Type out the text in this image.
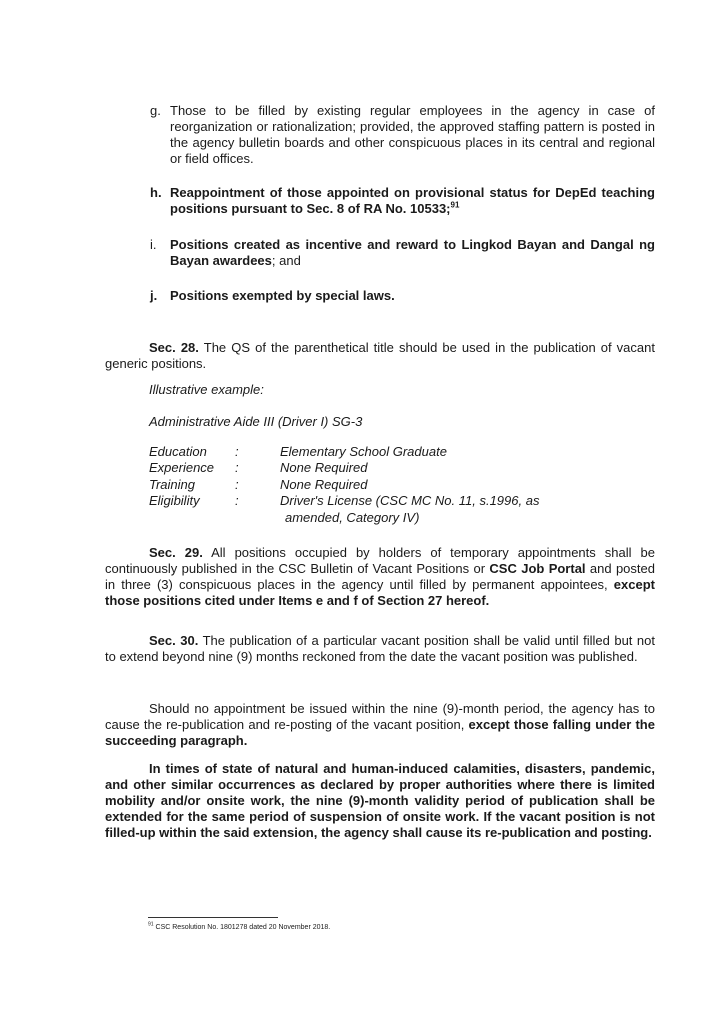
g. Those to be filled by existing regular employees in the agency in case of reorganization or rationalization; provided, the approved staffing pattern is posted in the agency bulletin boards and other conspicuous places in its central and regional or field offices.
h. Reappointment of those appointed on provisional status for DepEd teaching positions pursuant to Sec. 8 of RA No. 10533;$^{91}$
i. Positions created as incentive and reward to Lingkod Bayan and Dangal ng Bayan awardees; and
j. Positions exempted by special laws.
Sec. 28. The QS of the parenthetical title should be used in the publication of vacant generic positions.
Illustrative example:
Administrative Aide III (Driver I) SG-3
Education :	Elementary School Graduate
Experience :	None Required
Training	:	None Required
Eligibility	:	Driver's License (CSC MC No. 11, s.1996, as
amended, Category IV)
Sec. 29. All positions occupied by holders of temporary appointments shall be continuously published in the CSC Bulletin of Vacant Positions or CSC Job Portal and posted in three (3) conspicuous places in the agency until filled by permanent appointees, except those positions cited under Items e and f of Section 27 hereof.
Sec. 30. The publication of a particular vacant position shall be valid until filled but not to extend beyond nine (9) months reckoned from the date the vacant position was published.
Should no appointment be issued within the nine (9)-month period, the agency has to cause the re-publication and re-posting of the vacant position, except those falling under the succeeding paragraph.
In times of state of natural and human-induced calamities, disasters, pandemic, and other similar occurrences as declared by proper authorities where there is limited mobility and/or onsite work, the nine (9)-month validity period of publication shall be extended for the same period of suspension of onsite work. If the vacant position is not filled-up within the said extension, the agency shall cause its re-publication and posting.
$^{91}$ CSC Resolution No. 1801278 dated 20 November 2018.
